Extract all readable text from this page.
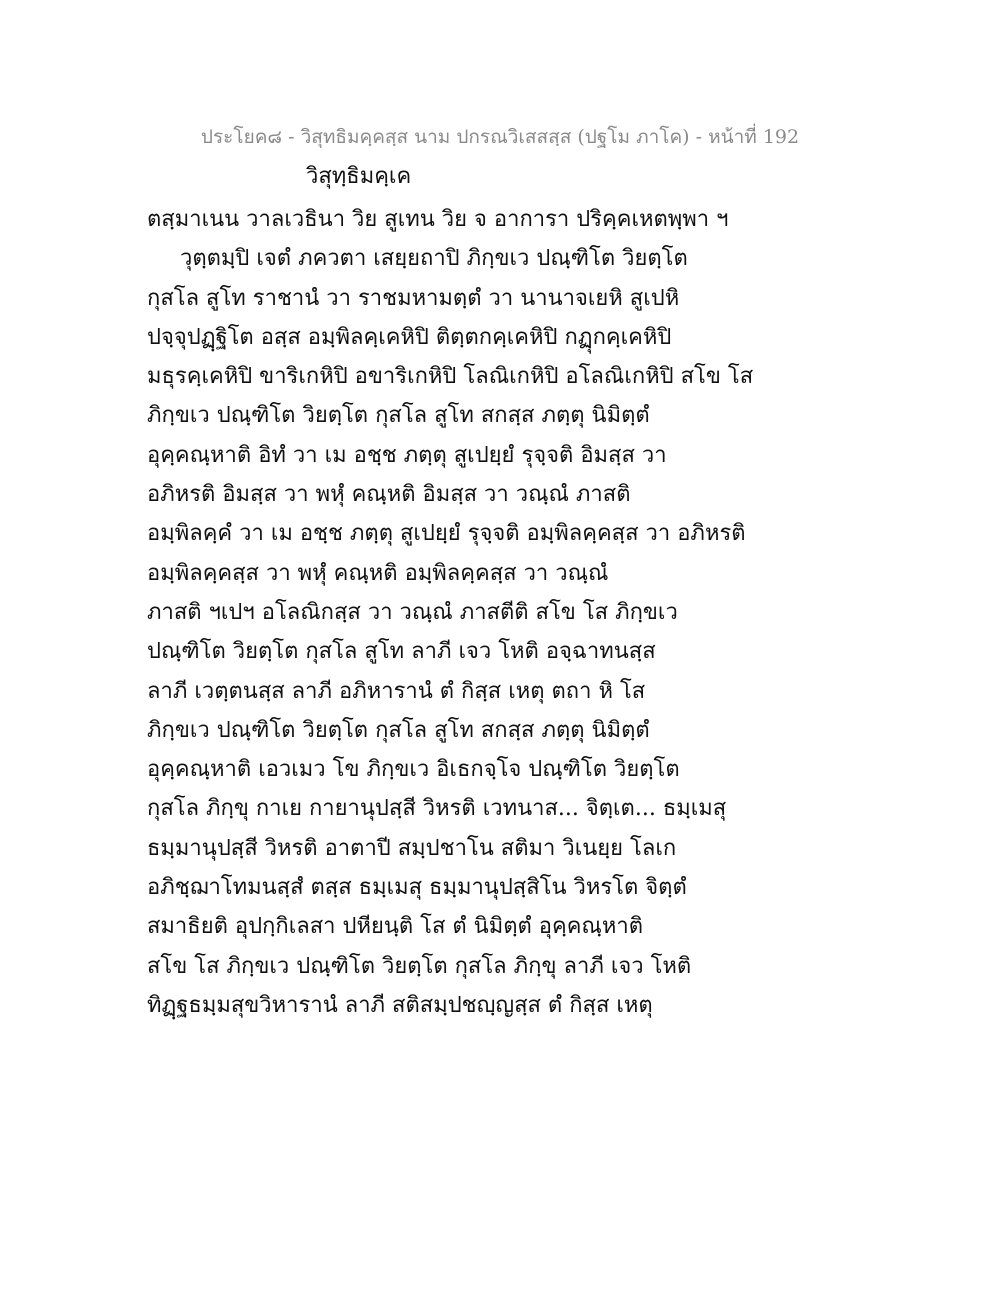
ประโยค๘ - วิสุทธิมคฺคสฺส นาม ปกรณวิเสสสฺส (ปฐโม ภาโค) - หน้าที่ 192
วิสุทฺธิมคฺเค
ตสฺมาเนน วาลเวธินา วิย สูเทน วิย จ อาการา ปริคฺคเหตพฺพา ฯ
วุตฺตมฺปิ เจตํ ภควตา เสยฺยถาปิ ภิกฺขเว ปณฺฑิโต วิยตฺโต
กุสโล สูโท ราชานํ วา ราชมหามตฺตํ วา นานาจเยหิ สูเปหิ
ปจฺจุปฏฺฐิโต อสฺส อมฺพิลคฺเคหิปิ ติตฺตกคฺเคหิปิ กฏุกคฺเคหิปิ
มธุรคฺเคหิปิ ขาริเกหิปิ อขาริเกหิปิ โลณิเกหิปิ อโลณิเกหิปิ สโข โส
ภิกฺขเว ปณฺฑิโต วิยตฺโต กุสโล สูโท สกสฺส ภตฺตุ นิมิตฺตํ
อุคฺคณฺหาติ อิทํ วา เม อชฺช ภตฺตุ สูเปยฺยํ รุจฺจติ อิมสฺส วา
อภิหรติ อิมสฺส วา พหุํ คณฺหติ อิมสฺส วา วณฺณํ ภาสติ
อมฺพิลคฺคํ วา เม อชฺช ภตฺตุ สูเปยฺยํ รุจฺจติ อมฺพิลคฺคสฺส วา อภิหรติ
อมฺพิลคฺคสฺส วา พหุํ คณฺหติ อมฺพิลคฺคสฺส วา วณฺณํ
ภาสติ ฯเปฯ อโลณิกสฺส วา วณฺณํ ภาสตีติ สโข โส ภิกฺขเว
ปณฺฑิโต วิยตฺโต กุสโล สูโท ลาภี เจว โหติ อจฺฉาทนสฺส
ลาภี เวตฺตนสฺส ลาภี อภิหารานํ ตํ กิสฺส เหตุ ตถา หิ โส
ภิกฺขเว ปณฺฑิโต วิยตฺโต กุสโล สูโท สกสฺส ภตฺตุ นิมิตฺตํ
อุคฺคณฺหาติ เอวเมว โข ภิกฺขเว อิเธกจฺโจ ปณฺฑิโต วิยตฺโต
กุสโล ภิกฺขุ กาเย กายานุปสฺสี วิหรติ เวทนาส... จิตฺเต... ธมฺเมสุ
ธมฺมานุปสฺสี วิหรติ อาตาปี สมฺปชาโน สติมา วิเนยฺย โลเก
อภิชฺฌาโทมนสฺสํ ตสฺส ธมฺเมสุ ธมฺมานุปสฺสิโน วิหรโต จิตฺตํ
สมาธิยติ อุปกฺกิเลสา ปหียนฺติ โส ตํ นิมิตฺตํ อุคฺคณฺหาติ
สโข โส ภิกฺขเว ปณฺฑิโต วิยตฺโต กุสโล ภิกฺขุ ลาภี เจว โหติ
ทิฏฺฐธมฺมสุขวิหารานํ ลาภี สติสมฺปชญฺญสฺส ตํ กิสฺส เหตุ
